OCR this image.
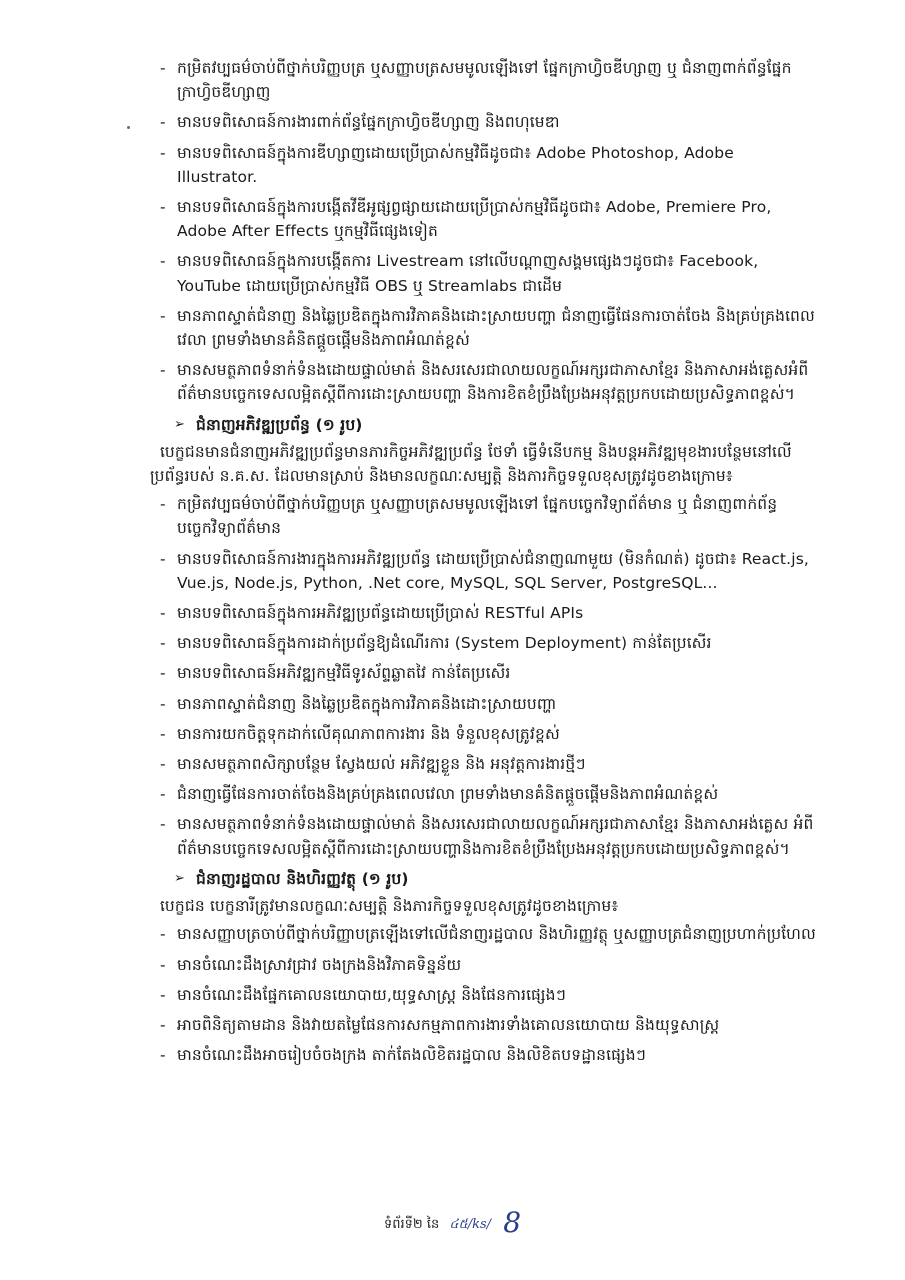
- កម្រិតវប្បធម៌ចាប់ពីថ្នាក់បរិញ្ញបត្រ ឬសញ្ញាបត្រសមមូលឡើងទៅ ផ្នែកក្រាហ្វិចឌីហ្សាញ ឬ ជំនាញពាក់ព័ន្ធផ្នែកក្រាហ្វិចឌីហ្សាញ
- មានបទពិសោធន៍ការងារពាក់ព័ន្ធផ្នែកក្រាហ្វិចឌីហ្សាញ និងពហុមេឌា
- មានបទពិសោធន៍ក្នុងការឌីហ្សាញដោយប្រើប្រាស់កម្មវិធីដូចជា៖ Adobe Photoshop, Adobe Illustrator.
- មានបទពិសោធន៍ក្នុងការបង្កើតវីឌីអូផ្សព្វផ្សាយដោយប្រើប្រាស់កម្មវិធីដូចជា៖ Adobe, Premiere Pro, Adobe After Effects ឬកម្មវិធីផ្សេងទៀត
- មានបទពិសោធន៍ក្នុងការបង្កើតការ Livestream នៅលើបណ្តាញសង្គមផ្សេងៗដូចជា៖ Facebook, YouTube ដោយប្រើប្រាស់កម្មវិធី OBS ឬ Streamlabs ជាដើម
- មានភាពស្ទាត់ជំនាញ និងឆ្លៃប្រឌិតក្នុងការវិភាគនិងដោះស្រាយបញ្ហា ជំនាញធ្វើផែនការចាត់ចែង និងគ្រប់គ្រងពេលវេលា ព្រមទាំងមានគំនិតផ្តួចផ្តើមនិងភាពអំណត់ខ្ពស់
- មានសមត្ថភាពទំនាក់ទំនងដោយផ្ទាល់មាត់ និងសរសេរជាលាយលក្ខណ៍អក្សរជាភាសាខ្មែរ និងភាសាអង់គ្លេសអំពីព័ត៌មានបច្ចេកទេសលម្អិតស្តីពីការដោះស្រាយបញ្ហា និងការខិតខំប្រឹងប្រែងអនុវត្តប្រកបដោយប្រសិទ្ធភាពខ្ពស់។
➢ ជំនាញអភិវឌ្ឍប្រព័ន្ធ (១ រូប)
បេក្ខជនមានជំនាញអភិវឌ្ឍប្រព័ន្ធមានភារកិច្ចអភិវឌ្ឍប្រព័ន្ធ ថែទាំ ធ្វើទំនើបកម្ម និងបន្តអភិវឌ្ឍមុខងារបន្ថែមនៅលើប្រព័ន្ធរបស់ ន.គ.ស. ដែលមានស្រាប់ និងមានលក្ខណៈសម្បត្តិ និងភារកិច្ចទទួលខុសត្រូវដូចខាងក្រោម៖
- កម្រិតវប្បធម៌ចាប់ពីថ្នាក់បរិញ្ញបត្រ ឬសញ្ញាបត្រសមមូលឡើងទៅ ផ្នែកបច្ចេកវិទ្យាព័ត៌មាន ឬ ជំនាញពាក់ព័ន្ធបច្ចេកវិទ្យាព័ត៌មាន
- មានបទពិសោធន៍ការងារក្នុងការអភិវឌ្ឍប្រព័ន្ធ ដោយប្រើប្រាស់ជំនាញណាមួយ (មិនកំណត់) ដូចជា៖ React.js, Vue.js, Node.js, Python, .Net core, MySQL, SQL Server, PostgreSQL...
- មានបទពិសោធន៍ក្នុងការអភិវឌ្ឍប្រព័ន្ធដោយប្រើប្រាស់ RESTful APIs
- មានបទពិសោធន៍ក្នុងការដាក់ប្រព័ន្ធឱ្យដំណើរការ (System Deployment) កាន់តែប្រសើរ
- មានបទពិសោធន៍អភិវឌ្ឍកម្មវិធីទូរស័ព្ទឆ្លាតវៃ កាន់តែប្រសើរ
- មានភាពស្ទាត់ជំនាញ និងឆ្លៃប្រឌិតក្នុងការវិភាគនិងដោះស្រាយបញ្ហា
- មានការយកចិត្តទុកដាក់លើគុណភាពការងារ និង ទំនួលខុសត្រូវខ្ពស់
- មានសមត្ថភាពសិក្សាបន្ថែម ស្វែងយល់ អភិវឌ្ឍខ្លួន និង អនុវត្តការងារថ្មីៗ
- ជំនាញធ្វើផែនការចាត់ចែងនិងគ្រប់គ្រងពេលវេលា ព្រមទាំងមានគំនិតផ្តួចផ្តើមនិងភាពអំណត់ខ្ពស់
- មានសមត្ថភាពទំនាក់ទំនងដោយផ្ទាល់មាត់ និងសរសេរជាលាយលក្ខណ៍អក្សរជាភាសាខ្មែរ និងភាសាអង់គ្លេស អំពីព័ត៌មានបច្ចេកទេសលម្អិតស្តីពីការដោះស្រាយបញ្ហានិងការខិតខំប្រឹងប្រែងអនុវត្តប្រកបដោយប្រសិទ្ធភាពខ្ពស់។
➢ ជំនាញរដ្ឋបាល និងហិរញ្ញវត្ថុ (១ រូប)
បេក្ខជន បេក្ខនារីត្រូវមានលក្ខណៈសម្បត្តិ និងភារកិច្ចទទួលខុសត្រូវដូចខាងក្រោម៖
- មានសញ្ញាបត្រចាប់ពីថ្នាក់បរិញ្ញាបត្រឡើងទៅលើជំនាញរដ្ឋបាល និងហិរញ្ញវត្ថុ ឬសញ្ញាបត្រជំនាញប្រហាក់ប្រហែល
- មានចំណេះដឹងស្រាវជ្រាវ ចងក្រងនិងវិភាគទិន្នន័យ
- មានចំណេះដឹងផ្នែកគោលនយោបាយ,យុទ្ធសាស្រ្ត និងផែនការផ្សេងៗ
- អាចពិនិត្យតាមដាន និងវាយតម្លៃផែនការសកម្មភាពការងារទាំងគោលនយោបាយ និងយុទ្ធសាស្រ្ត
- មានចំណេះដឹងអាចរៀបចំចងក្រង តាក់តែងលិខិតរដ្ឋបាល និងលិខិតបទដ្ឋានផ្សេងៗ
ទំព័រទី២ នៃ ៤៥/ks/ 8
